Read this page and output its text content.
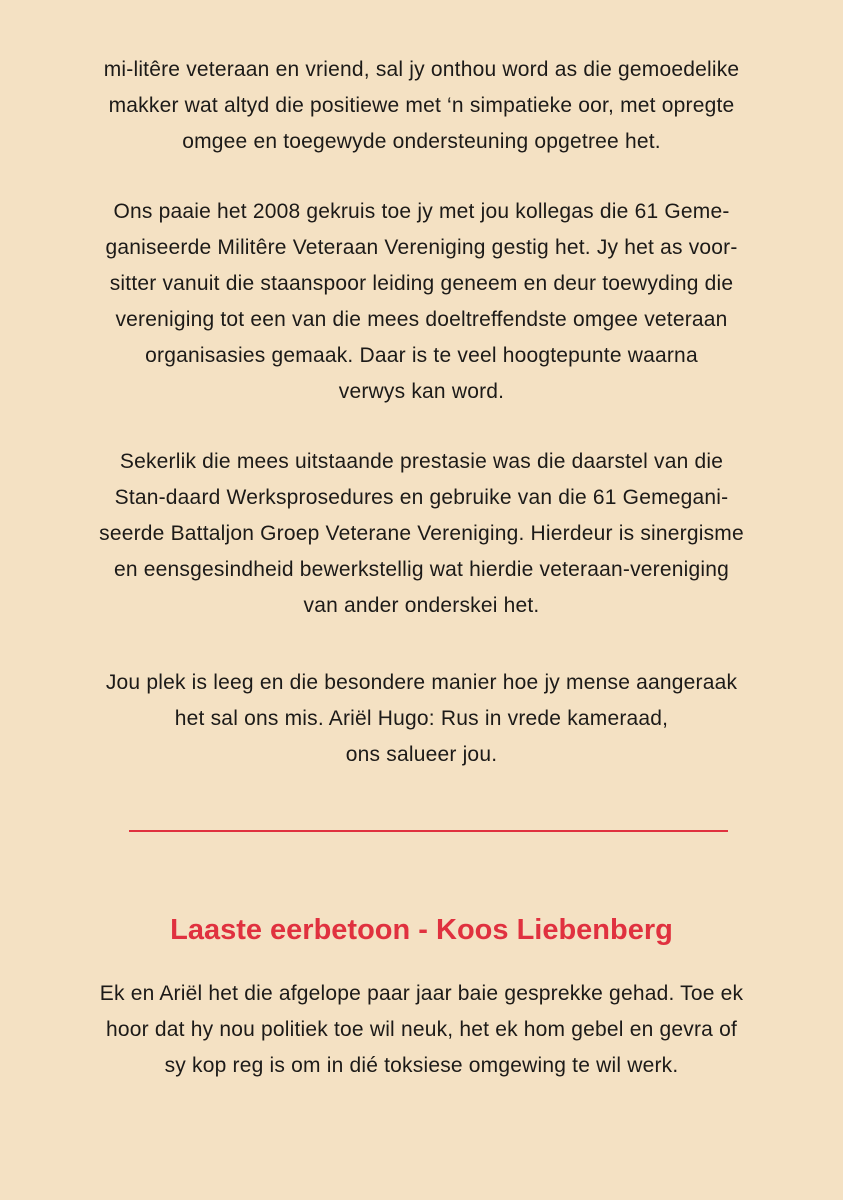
mi-litêre veteraan en vriend, sal jy onthou word as die gemoedelike
makker wat altyd die positiewe met ‘n simpatieke oor, met opregte
omgee en toegewyde ondersteuning opgetree het.

Ons paaie het 2008 gekruis toe jy met jou kollegas die 61 Geme-
ganiseerde Militêre Veteraan Vereniging gestig het. Jy het as voor-
sitter vanuit die staanspoor leiding geneem en deur toewyding die
vereniging tot een van die mees doeltreffendste omgee veteraan
organisasies gemaak. Daar is te veel hoogtepunte waarna
verwys kan word.

Sekerlik die mees uitstaande prestasie was die daarstel van die
Stan-daard Werksprosedures en gebruike van die 61 Gemegani-
seerde Battaljon Groep Veterane Vereniging. Hierdeur is sinergisme
en eensgesindheid bewerkstellig wat hierdie veteraan-vereniging
van ander onderskei het.

Jou plek is leeg en die besondere manier hoe jy mense aangeraak
het sal ons mis. Ariël Hugo: Rus in vrede kameraad,
ons salueer jou.

Laaste eerbetoon - Koos Liebenberg

Ek en Ariël het die afgelope paar jaar baie gesprekke gehad. Toe ek
hoor dat hy nou politiek toe wil neuk, het ek hom gebel en gevra of
sy kop reg is om in dié toksiese omgewing te wil werk.
